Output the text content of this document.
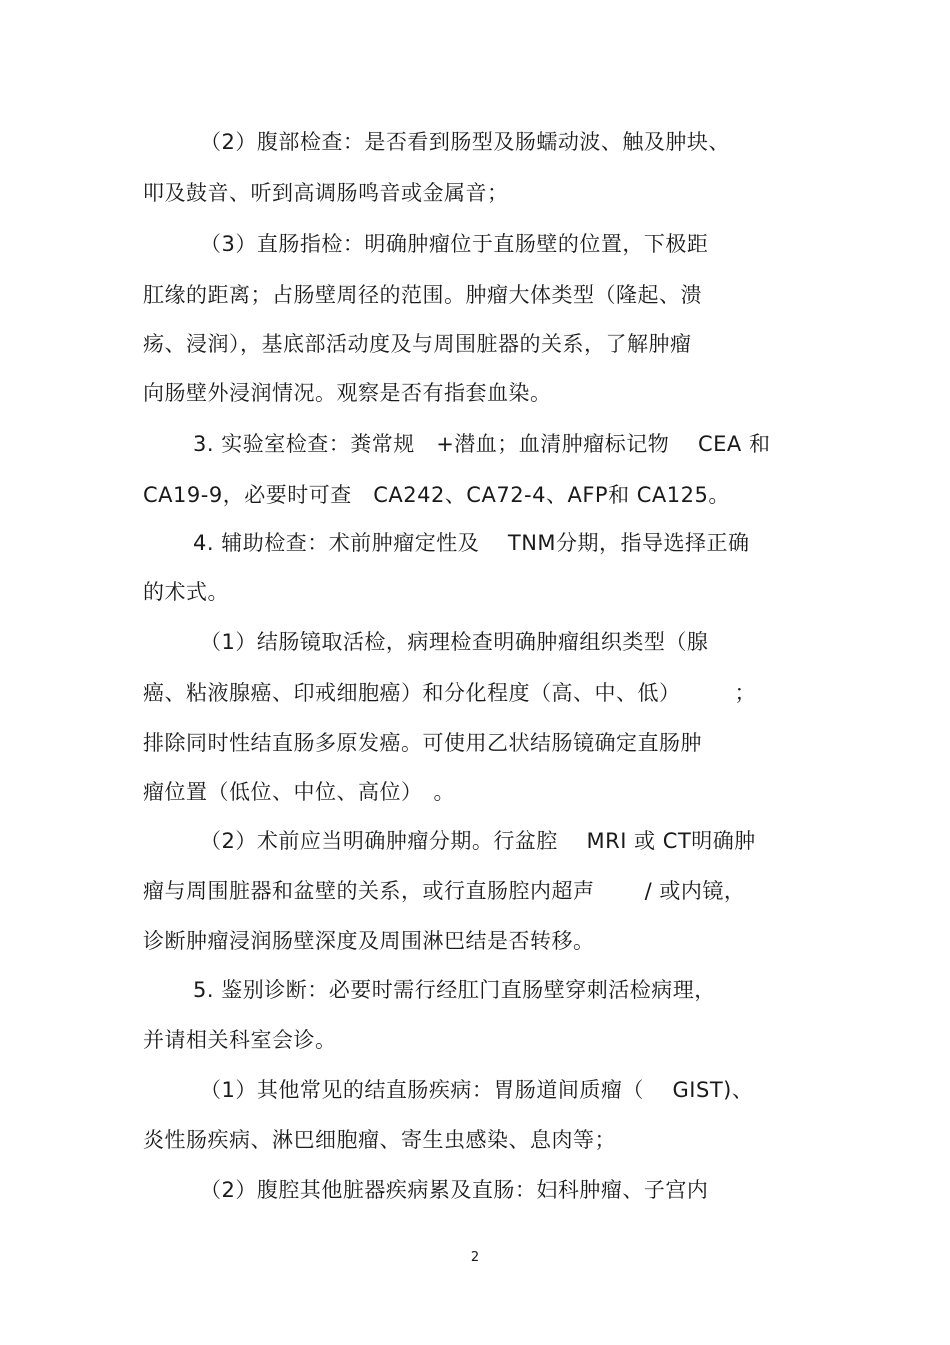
（2）腹部检查：是否看到肠型及肠蠕动波、触及肿块、
叩及鼓音、听到高调肠鸣音或金属音；
（3）直肠指检：明确肿瘤位于直肠壁的位置，下极距
肛缘的距离；占肠壁周径的范围。肿瘤大体类型（隆起、溃
疡、浸润），基底部活动度及与周围脏器的关系，了解肿瘤
向肠壁外浸润情况。观察是否有指套血染。
3. 实验室检查：粪常规　+潜血；血清肿瘤标记物　 CEA 和
CA19-9，必要时可查　CA242、CA72-4、AFP和 CA125。
4. 辅助检查：术前肿瘤定性及　 TNM分期，指导选择正确
的术式。
（1）结肠镜取活检，病理检查明确肿瘤组织类型（腺
癌、粘液腺癌、印戒细胞癌）和分化程度（高、中、低）　　　；
排除同时性结直肠多原发癌。可使用乙状结肠镜确定直肠肿
瘤位置（低位、中位、高位）　。
（2）术前应当明确肿瘤分期。行盆腔　 MRI 或 CT明确肿
瘤与周围脏器和盆壁的关系，或行直肠腔内超声　　 / 或内镜，
诊断肿瘤浸润肠壁深度及周围淋巴结是否转移。
5. 鉴别诊断：必要时需行经肛门直肠壁穿刺活检病理，
并请相关科室会诊。
（1）其他常见的结直肠疾病：胃肠道间质瘤（　 GIST)、
炎性肠疾病、淋巴细胞瘤、寄生虫感染、息肉等；
（2）腹腔其他脏器疾病累及直肠：妇科肿瘤、子宫内
2
